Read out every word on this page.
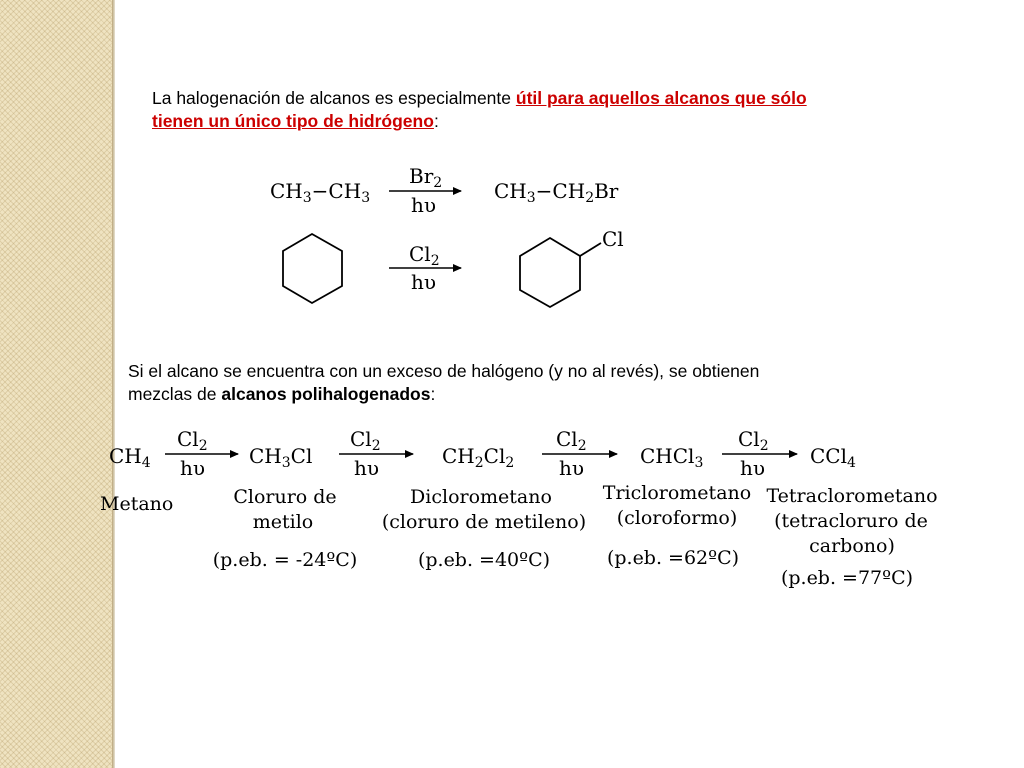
La halogenación de alcanos es especialmente útil para aquellos alcanos que sólo
tienen un único tipo de hidrógeno:
$CH_3-CH_3$
$Br_2$
hυ
$CH_3-CH_2Br$
$Cl_2$
hυ
Cl
$CH_4$
Metano
$Cl_2$
hυ $CH_3Cl$
Cloruro de
metilo
(p.eb. = -24ºC)
$Cl_2$
hυ	$CH_2Cl_2$
Diclorometano
(cloruro de metileno)
(p.eb. =40ºC)
$Cl_2$
hυ	CHCl$_3$
Triclorometano
(cloroformo)
(p.eb. =62ºC)
$Cl_2$
hυ CCl$_4$
Tetraclorometano
(tetracloruro de
carbono)
(p.eb. =77ºC)
Si el alcano se encuentra con un exceso de halógeno (y no al revés), se obtienen
mezclas de alcanos polihalogenados:
